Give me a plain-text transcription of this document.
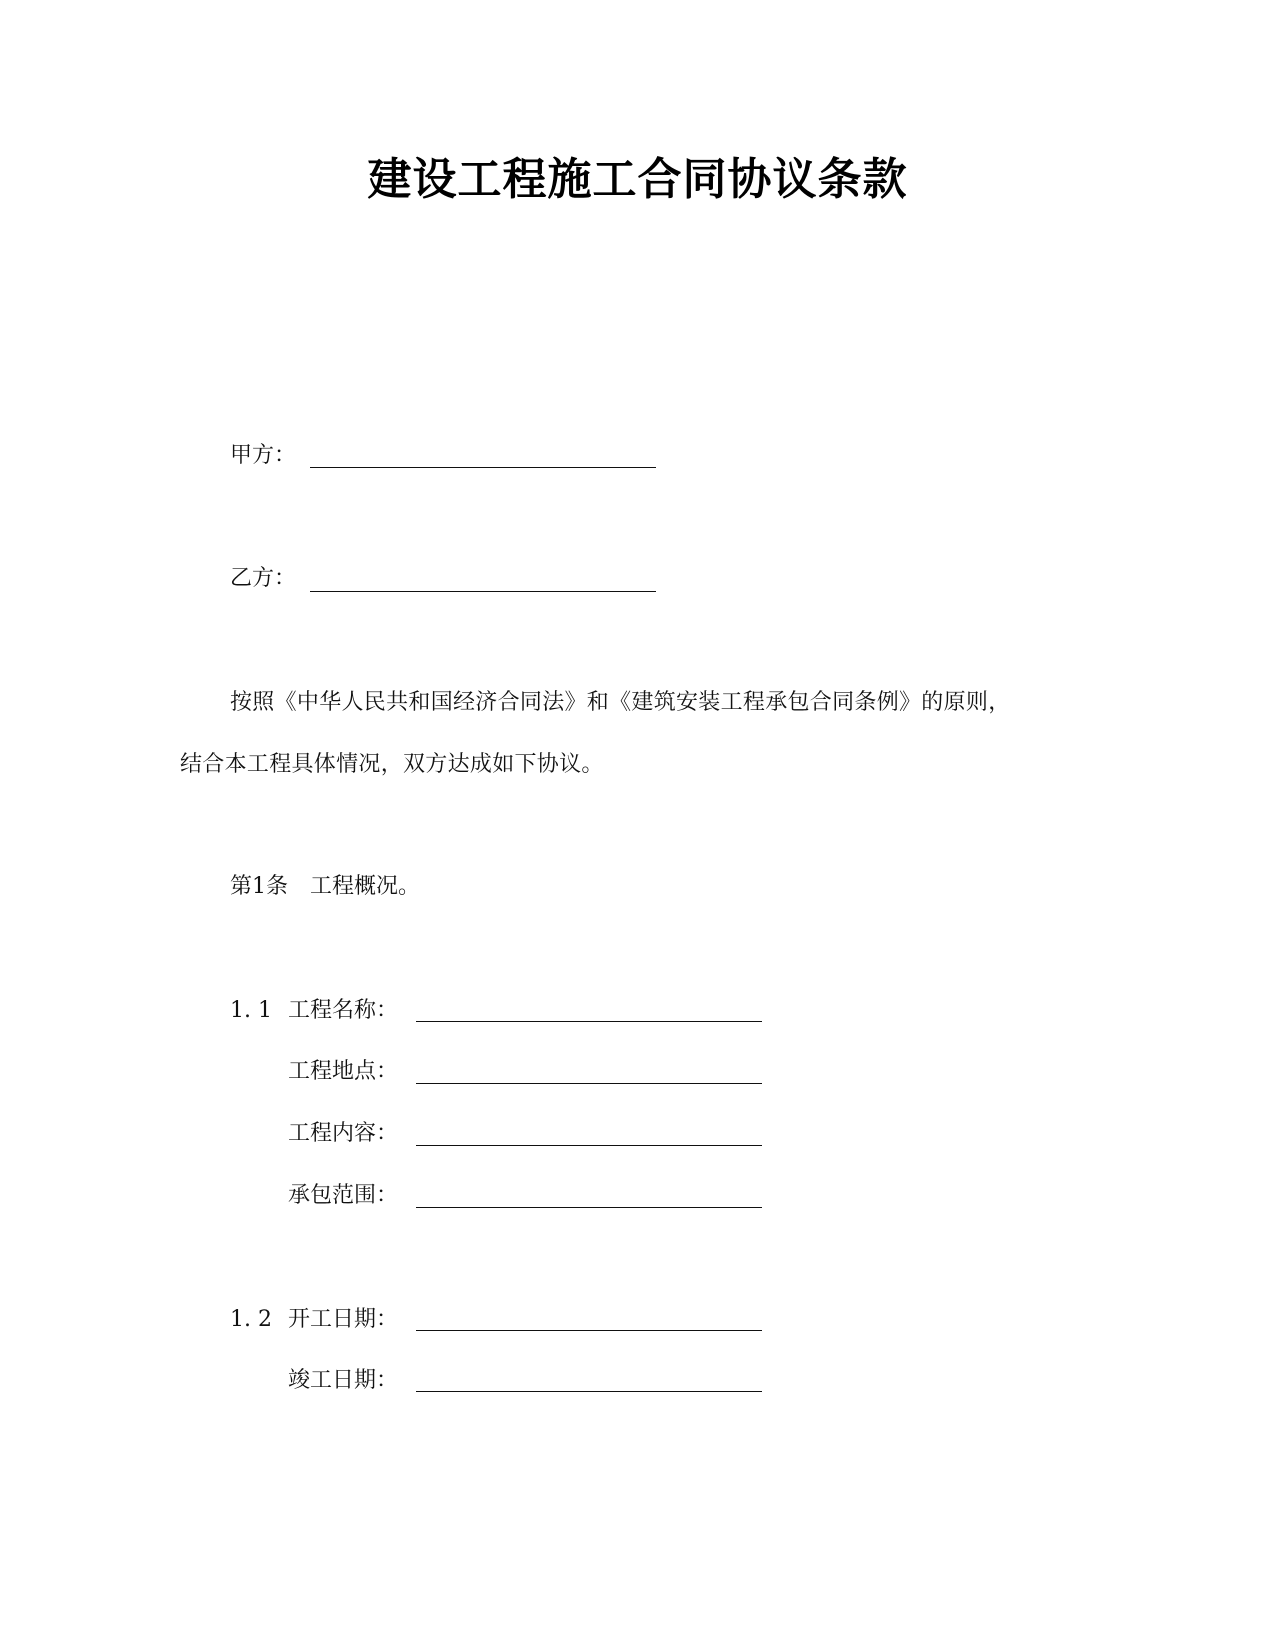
建设工程施工合同协议条款
甲方：
乙方：
按照《中华人民共和国经济合同法》和《建筑安装工程承包合同条例》的原则，
结合本工程具体情况，双方达成如下协议。
第1条 工程概况。
1. 1 工程名称：
工程地点：
工程内容：
承包范围：
1. 2 开工日期：
竣工日期：
